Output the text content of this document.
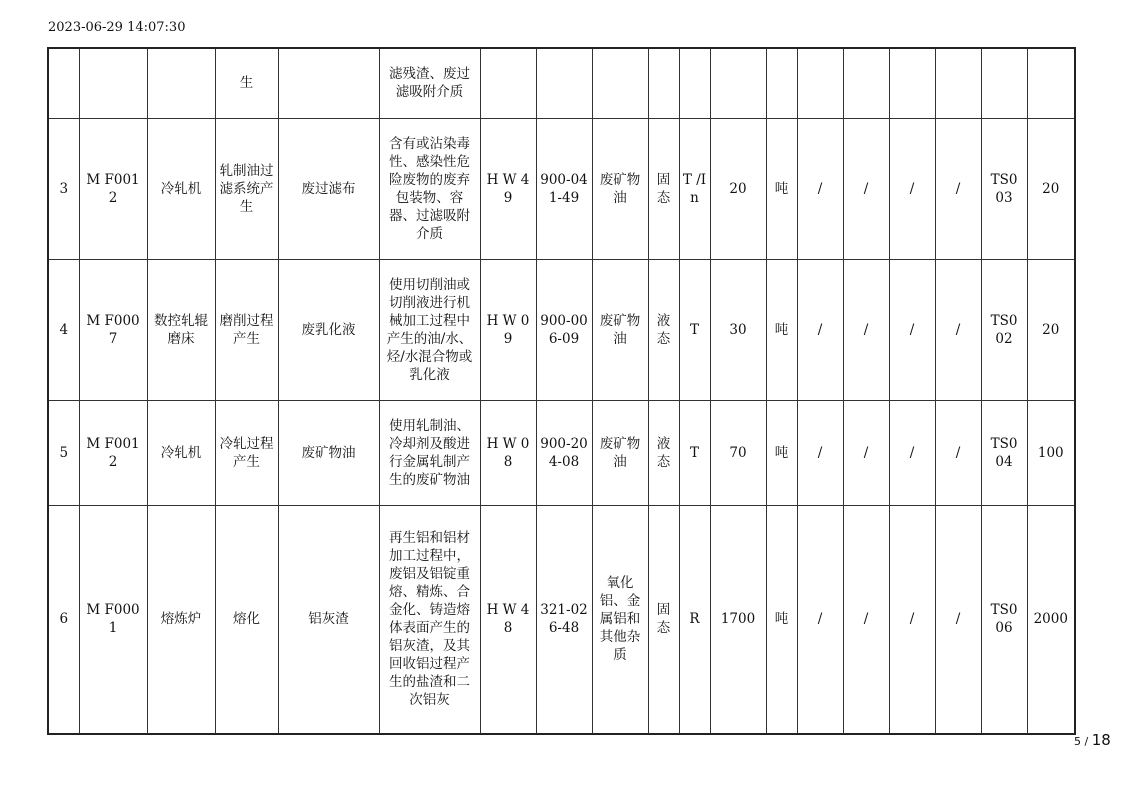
2023-06-29 14:07:30
			生		滤残渣、废过滤吸附介质													
3	M F0012	冷轧机	轧制油过滤系统产生	废过滤布	含有或沾染毒性、感染性危险废物的废弃包装物、容器、过滤吸附介质	H W 4 9	900-041-49	废矿物油	固态	T /I n	20	吨	/	/	/	/	TS0 03	20
4	M F0007	数控轧辊磨床	磨削过程产生	废乳化液	使用切削油或切削液进行机械加工过程中产生的油/水、烃/水混合物或乳化液	H W 0 9	900-006-09	废矿物油	液态	T	30	吨	/	/	/	/	TS0 02	20
5	M F0012	冷轧机	冷轧过程产生	废矿物油	使用轧制油、冷却剂及酸进行金属轧制产生的废矿物油	H W 0 8	900-204-08	废矿物油	液态	T	70	吨	/	/	/	/	TS0 04	100
6	M F0001	熔炼炉	熔化	铝灰渣	再生铝和铝材加工过程中，废铝及铝锭重熔、精炼、合金化、铸造熔体表面产生的铝灰渣，及其回收铝过程产生的盐渣和二次铝灰	H W 4 8	321-026-48	氧化铝、金属铝和其他杂质	固态	R	1700	吨	/	/	/	/	TS0 06	2000
5 / 18
